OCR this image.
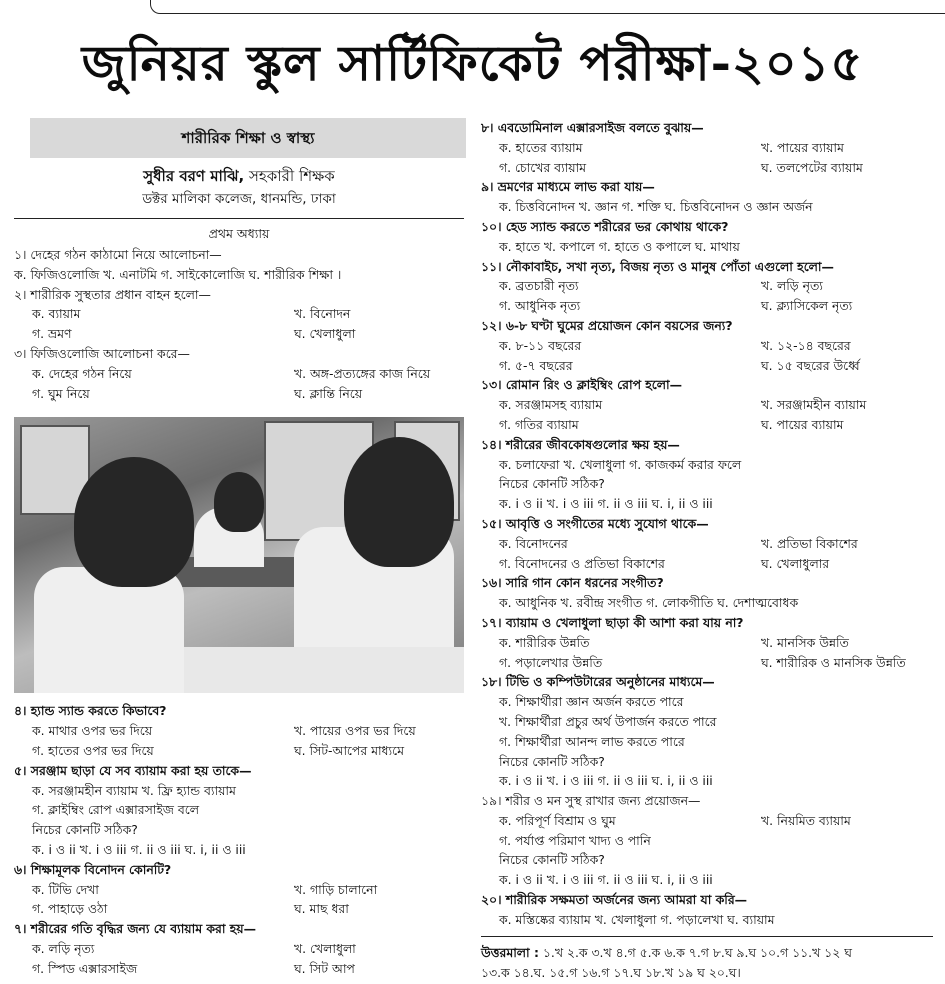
জুনিয়র স্কুল সার্টিফিকেট পরীক্ষা-২০১৫
শারীরিক শিক্ষা ও স্বাস্থ্য
সুধীর বরণ মাঝি, সহকারী শিক্ষক
ডক্টর মালিকা কলেজ, ধানমন্ডি, ঢাকা
প্রথম অধ্যায়
১। দেহের গঠন কাঠামো নিয়ে আলোচনা—
ক. ফিজিওলোজি খ. এনাটমি গ. সাইকোলোজি ঘ. শারীরিক শিক্ষা ।
২। শারীরিক সুস্থতার প্রধান বাহন হলো—
ক. ব্যায়াম	খ. বিনোদন
গ. ভ্রমণ	ঘ. খেলাধুলা
৩। ফিজিওলোজি আলোচনা করে—
ক. দেহের গঠন নিয়ে	খ. অঙ্গ-প্রত্যঙ্গের কাজ নিয়ে
গ. ঘুম নিয়ে	ঘ. ক্লান্তি নিয়ে
৪। হ্যান্ড স্যান্ড করতে কিভাবে?
ক. মাথার ওপর ভর দিয়ে	খ. পায়ের ওপর ভর দিয়ে
গ. হাতের ওপর ভর দিয়ে	ঘ. সিট-আপের মাধ্যমে
৫। সরঞ্জাম ছাড়া যে সব ব্যায়াম করা হয় তাকে—
ক. সরঞ্জামহীন ব্যায়াম খ. ফ্রি হ্যান্ড ব্যায়াম
গ. ক্লাইম্বিং রোপ এক্সারসাইজ বলে
নিচের কোনটি সঠিক?
ক. i ও ii খ. i ও iii গ. ii ও iii ঘ. i, ii ও iii
৬। শিক্ষামূলক বিনোদন কোনটি?
ক. টিভি দেখা	খ. গাড়ি চালানো
গ. পাহাড়ে ওঠা	ঘ. মাছ ধরা
৭। শরীরের গতি বৃদ্ধির জন্য যে ব্যায়াম করা হয়—
ক. লড়ি নৃত্য	খ. খেলাধুলা
গ. স্পিড এক্সারসাইজ	ঘ. সিট আপ
৮। এবডোমিনাল এক্সারসাইজ বলতে বুঝায়—
ক. হাতের ব্যায়াম	খ. পায়ের ব্যায়াম
গ. চোখের ব্যায়াম	ঘ. তলপেটের ব্যায়াম
৯। ভ্রমণের মাধ্যমে লাভ করা যায়—
ক. চিত্তবিনোদন খ. জ্ঞান গ. শক্তি ঘ. চিত্তবিনোদন ও জ্ঞান অর্জন
১০। হেড স্যান্ড করতে শরীরের ভর কোথায় থাকে?
ক. হাতে খ. কপালে গ. হাতে ও কপালে ঘ. মাথায়
১১। নৌকাবাইচ, সখা নৃত্য, বিজয় নৃত্য ও মানুষ পোঁতা এগুলো হলো—
ক. ব্রতচারী নৃত্য	খ. লড়ি নৃত্য
গ. আধুনিক নৃত্য	ঘ. ক্ল্যাসিকেল নৃত্য
১২। ৬-৮ ঘণ্টা ঘুমের প্রয়োজন কোন বয়সের জন্য?
ক. ৮-১১ বছরের	খ. ১২-১৪ বছরের
গ. ৫-৭ বছরের	ঘ. ১৫ বছরের উর্ধ্বে
১৩। রোমান রিং ও ক্লাইম্বিং রোপ হলো—
ক. সরঞ্জামসহ ব্যায়াম	খ. সরঞ্জামহীন ব্যায়াম
গ. গতির ব্যায়াম	ঘ. পায়ের ব্যায়াম
১৪। শরীরের জীবকোষগুলোর ক্ষয় হয়—
ক. চলাফেরা খ. খেলাধুলা গ. কাজকর্ম করার ফলে
নিচের কোনটি সঠিক?
ক. i ও ii খ. i ও iii গ. ii ও iii ঘ. i, ii ও iii
১৫। আবৃত্তি ও সংগীতের মধ্যে সুযোগ থাকে—
ক. বিনোদনের	খ. প্রতিভা বিকাশের
গ. বিনোদনের ও প্রতিভা বিকাশের	ঘ. খেলাধুলার
১৬। সারি গান কোন ধরনের সংগীত?
ক. আধুনিক খ. রবীন্দ্র সংগীত গ. লোকগীতি ঘ. দেশাত্মবোধক
১৭। ব্যায়াম ও খেলাধুলা ছাড়া কী আশা করা যায় না?
ক. শারীরিক উন্নতি	খ. মানসিক উন্নতি
গ. পড়ালেখার উন্নতি	ঘ. শারীরিক ও মানসিক উন্নতি
১৮। টিভি ও কম্পিউটারের অনুষ্ঠানের মাধ্যমে—
ক. শিক্ষার্থীরা জ্ঞান অর্জন করতে পারে
খ. শিক্ষার্থীরা প্রচুর অর্থ উপার্জন করতে পারে
গ. শিক্ষার্থীরা আনন্দ লাভ করতে পারে
নিচের কোনটি সঠিক?
ক. i ও ii খ. i ও iii গ. ii ও iii ঘ. i, ii ও iii
১৯। শরীর ও মন সুস্থ রাখার জন্য প্রয়োজন—
ক. পরিপূর্ণ বিশ্রাম ও ঘুম	খ. নিয়মিত ব্যায়াম
গ. পর্যাপ্ত পরিমাণ খাদ্য ও পানি
নিচের কোনটি সঠিক?
ক. i ও ii খ. i ও iii গ. ii ও iii ঘ. i, ii ও iii
২০। শারীরিক সক্ষমতা অর্জনের জন্য আমরা যা করি—
ক. মস্তিষ্কের ব্যায়াম খ. খেলাধুলা গ. পড়ালেখা ঘ. ব্যায়াম
উত্তরমালা : ১.খ ২.ক ৩.খ ৪.গ ৫.ক ৬.ক ৭.গ ৮.ঘ ৯.ঘ ১০.গ ১১.খ ১২ ঘ
১৩.ক ১৪.ঘ. ১৫.গ ১৬.গ ১৭.ঘ ১৮.খ ১৯ ঘ ২০.ঘ।
